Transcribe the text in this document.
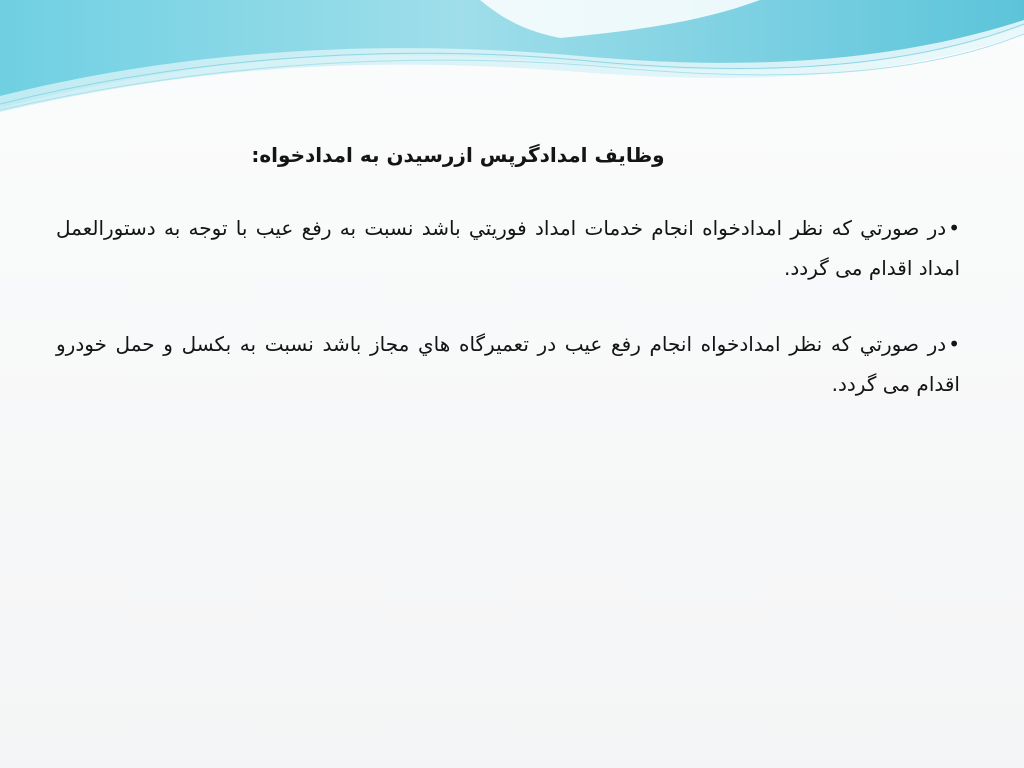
وظایف امدادگرپس ازرسیدن به امدادخواه:

•در صورتي كه نظر امدادخواه انجام خدمات امداد فوريتي باشد نسبت به رفع عيب با توجه به دستورالعمل امداد اقدام می گردد.

•در صورتي كه نظر امدادخواه انجام رفع عيب در تعميرگاه هاي مجاز باشد نسبت به بكسل و حمل خودرو اقدام می گردد.
